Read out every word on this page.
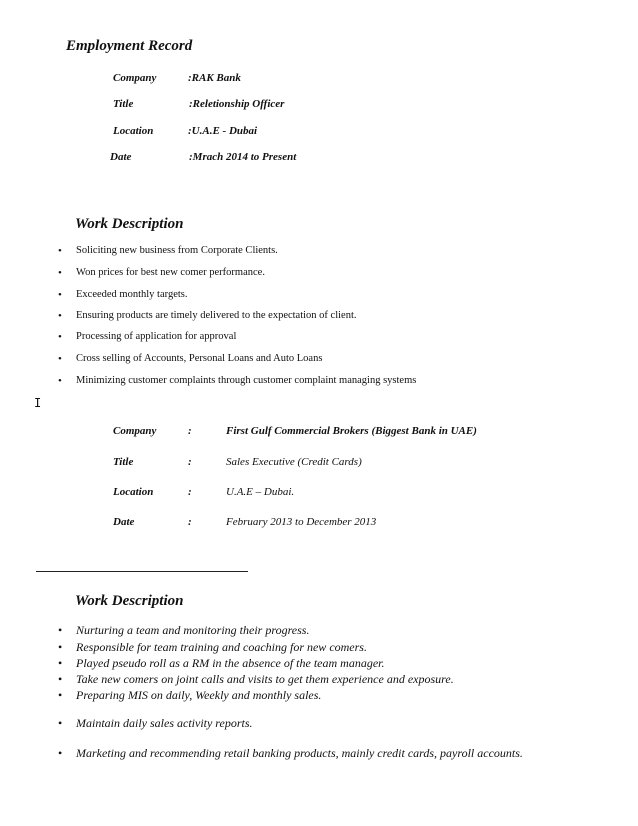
Employment Record
Company	:RAK Bank
Title	:Reletionship Officer
Location	:U.A.E - Dubai
Date	:Mrach 2014 to Present
Work Description
• Soliciting new business from Corporate Clients.
• Won prices for best new comer performance.
• Exceeded monthly targets.
• Ensuring products are timely delivered to the expectation of client.
• Processing of application for approval
• Cross selling of Accounts, Personal Loans and Auto Loans
• Minimizing customer complaints through customer complaint managing systems
I
Company	:	First Gulf Commercial Brokers (Biggest Bank in UAE)
Title	:	Sales Executive (Credit Cards)
Location	:	U.A.E – Dubai.
Date	:	February 2013 to December 2013
Work Description
• Nurturing a team and monitoring their progress.
• Responsible for team training and coaching for new comers.
• Played pseudo roll as a RM in the absence of the team manager.
• Take new comers on joint calls and visits to get them experience and exposure.
• Preparing MIS on daily, Weekly and monthly sales.
• Maintain daily sales activity reports.
• Marketing and recommending retail banking products, mainly credit cards, payroll accounts.
